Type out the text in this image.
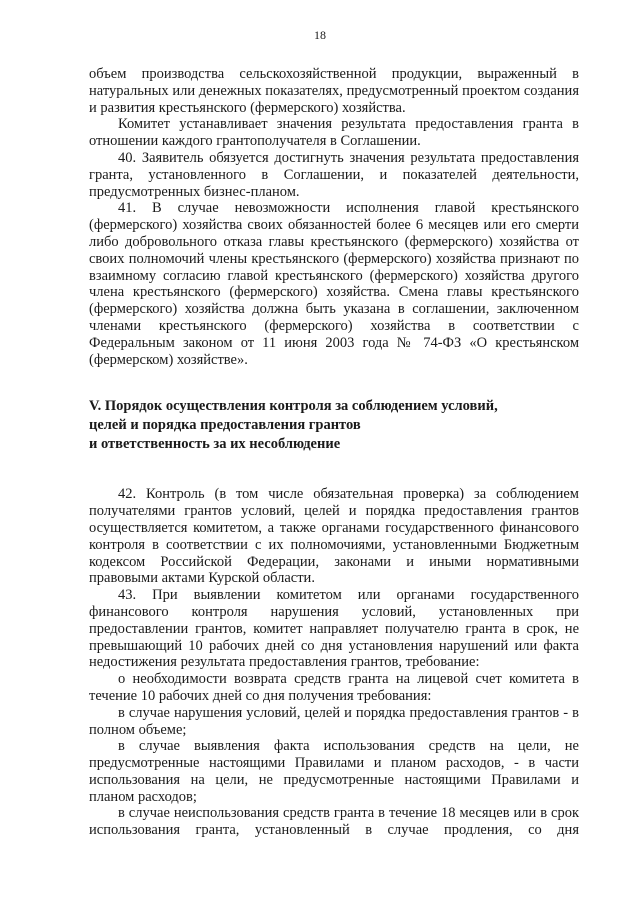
18

объем производства сельскохозяйственной продукции, выраженный в натуральных или денежных показателях, предусмотренный проектом создания и развития крестьянского (фермерского) хозяйства.

Комитет устанавливает значения результата предоставления гранта в отношении каждого грантополучателя в Соглашении.

40. Заявитель обязуется достигнуть значения результата предоставления гранта, установленного в Соглашении, и показателей деятельности, предусмотренных бизнес-планом.

41. В случае невозможности исполнения главой крестьянского (фермерского) хозяйства своих обязанностей более 6 месяцев или его смерти либо добровольного отказа главы крестьянского (фермерского) хозяйства от своих полномочий члены крестьянского (фермерского) хозяйства признают по взаимному согласию главой крестьянского (фермерского) хозяйства другого члена крестьянского (фермерского) хозяйства. Смена главы крестьянского (фермерского) хозяйства должна быть указана в соглашении, заключенном членами крестьянского (фермерского) хозяйства в соответствии с Федеральным законом от 11 июня 2003 года № 74-ФЗ «О крестьянском (фермерском) хозяйстве».

V. Порядок осуществления контроля за соблюдением условий,
целей и порядка предоставления грантов
и ответственность за их несоблюдение

42. Контроль (в том числе обязательная проверка) за соблюдением получателями грантов условий, целей и порядка предоставления грантов осуществляется комитетом, а также органами государственного финансового контроля в соответствии с их полномочиями, установленными Бюджетным кодексом Российской Федерации, законами и иными нормативными правовыми актами Курской области.

43. При выявлении комитетом или органами государственного финансового контроля нарушения условий, установленных при предоставлении грантов, комитет направляет получателю гранта в срок, не превышающий 10 рабочих дней со дня установления нарушений или факта недостижения результата предоставления грантов, требование:

о необходимости возврата средств гранта на лицевой счет комитета в течение 10 рабочих дней со дня получения требования:

в случае нарушения условий, целей и порядка предоставления грантов - в полном объеме;

в случае выявления факта использования средств на цели, не предусмотренные настоящими Правилами и планом расходов, - в части использования на цели, не предусмотренные настоящими Правилами и планом расходов;

в случае неиспользования средств гранта в течение 18 месяцев или в срок использования гранта, установленный в случае продления, со дня
